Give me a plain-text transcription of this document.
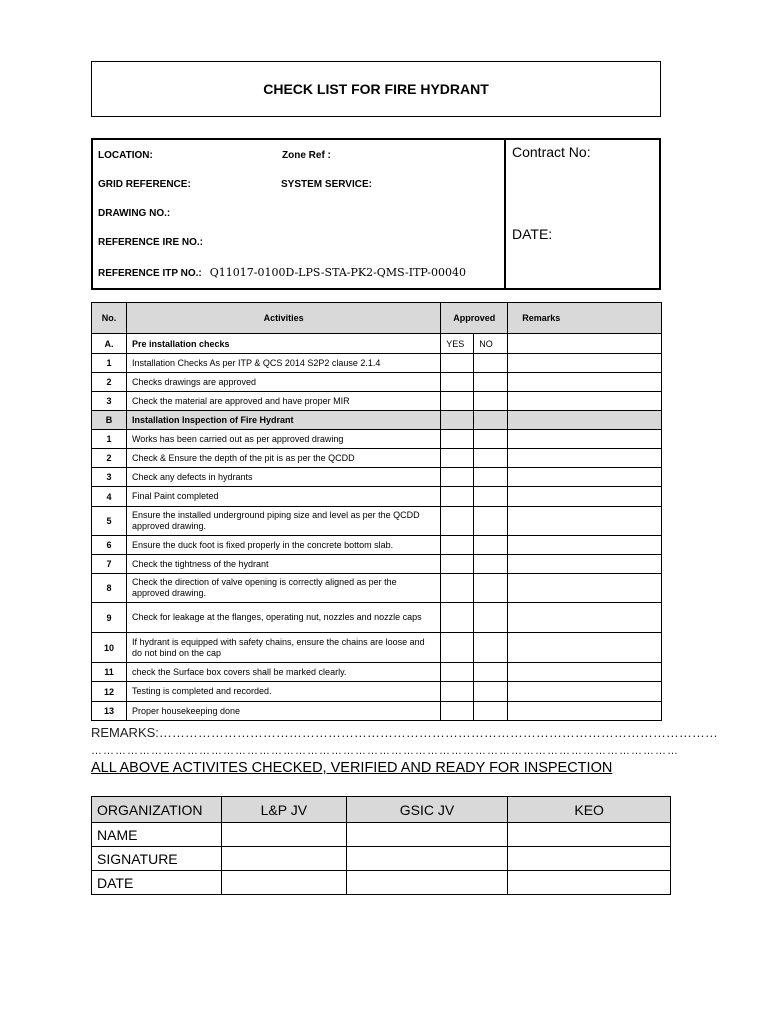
CHECK LIST FOR FIRE HYDRANT
LOCATION:	Zone Ref :
GRID REFERENCE:	SYSTEM SERVICE:
DRAWING NO.:
REFERENCE IRE NO.:
REFERENCE ITP NO.: Q11017-0100D-LPS-STA-PK2-QMS-ITP-00040
Contract No:
DATE:
No.	Activities	Approved		Remarks
A.	Pre installation checks	YES	NO	
1	Installation Checks As per ITP & QCS 2014 S2P2 clause 2.1.4			
2	Checks drawings are approved			
3	Check the material are approved and have proper MIR			
B	Installation Inspection of Fire Hydrant			
1	Works has been carried out as per approved drawing			
2	Check & Ensure the depth of the pit is as per the QCDD			
3	Check any defects in hydrants			
4	Final Paint completed			
5	Ensure the installed underground piping size and level as per the QCDD approved drawing.			
6	Ensure the duck foot is fixed properly in the concrete bottom slab.			
7	Check the tightness of the hydrant			
8	Check the direction of valve opening is correctly aligned as per the approved drawing.			
9	Check for leakage at the flanges, operating nut, nozzles and nozzle caps			
10	If hydrant is equipped with safety chains, ensure the chains are loose and do not bind on the cap			
11	check the Surface box covers shall be marked clearly.			
12	Testing is completed and recorded.			
13	Proper housekeeping done			
REMARKS:…………………………………………………………………………………………………………………
…………………………………………………………………………………………………………………………………
ALL ABOVE ACTIVITES CHECKED, VERIFIED AND READY FOR INSPECTION
ORGANIZATION	L&P JV	GSIC JV	KEO
NAME			
SIGNATURE			
DATE			
